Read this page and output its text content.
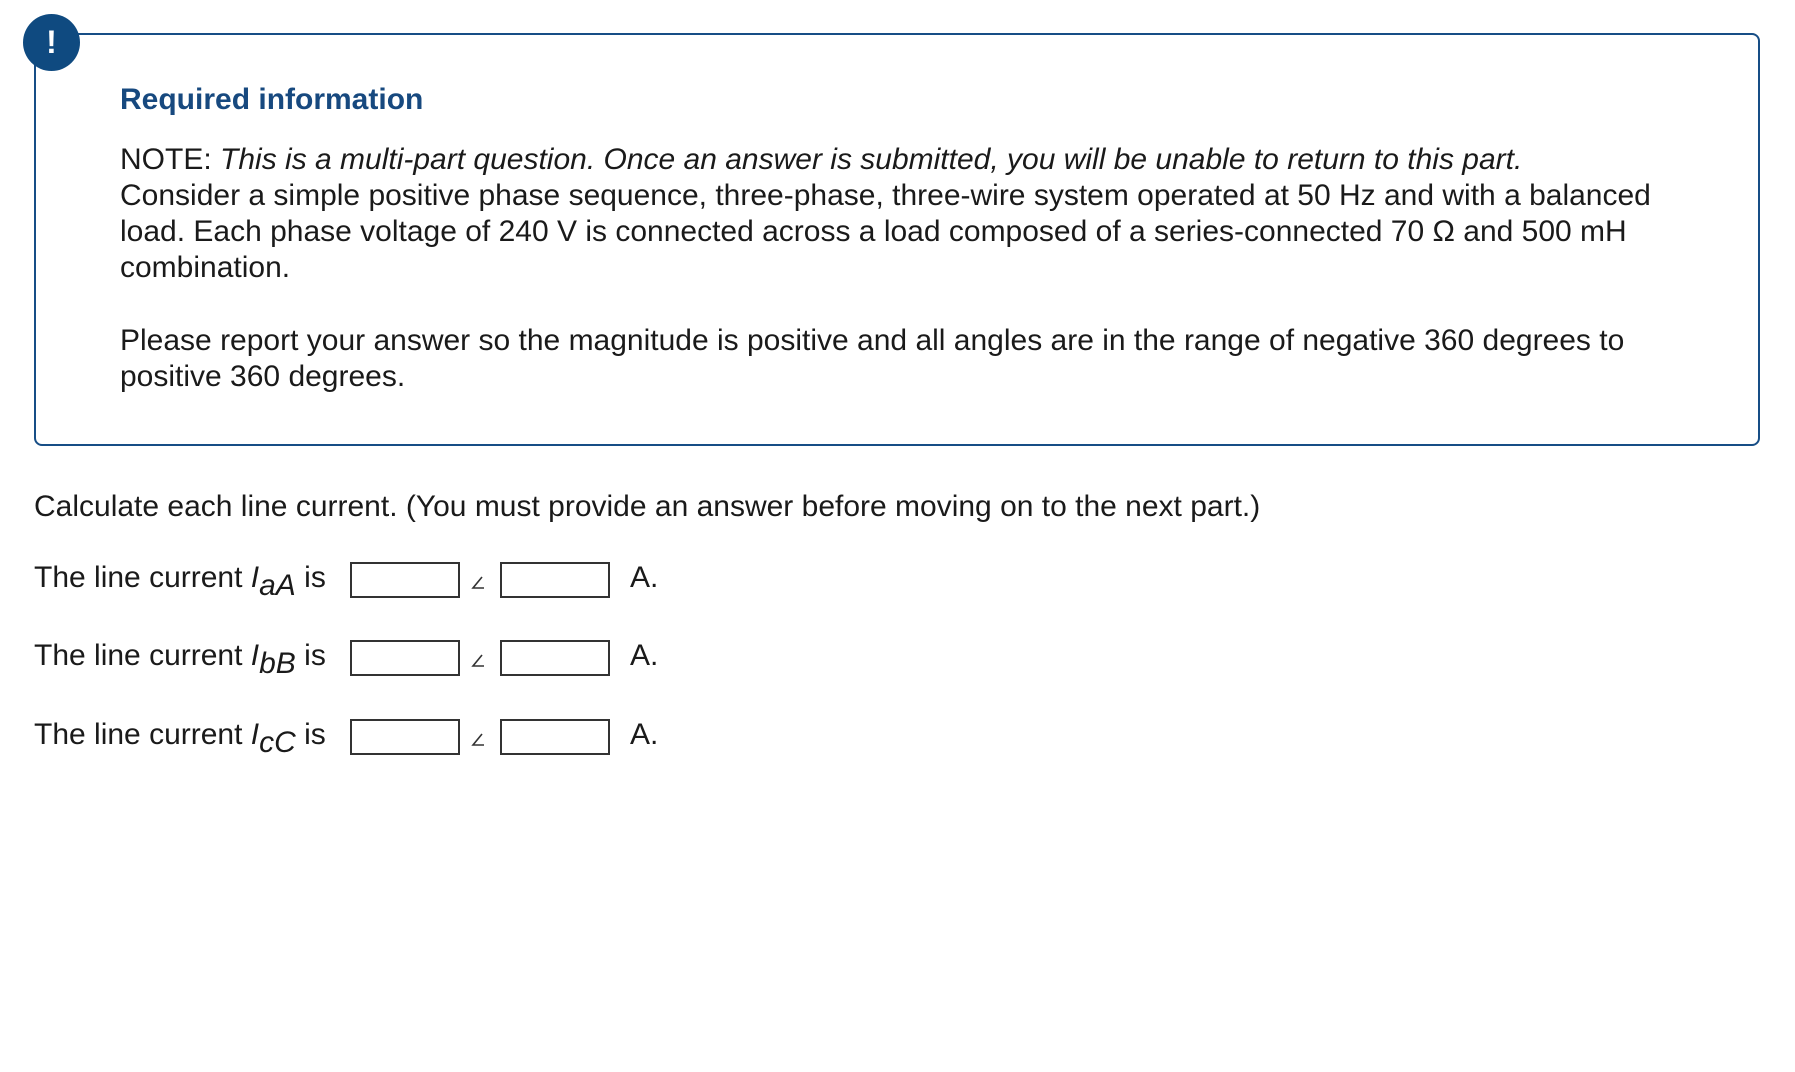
!
Required information

NOTE: This is a multi-part question. Once an answer is submitted, you will be unable to return to this part.
Consider a simple positive phase sequence, three-phase, three-wire system operated at 50 Hz and with a balanced load. Each phase voltage of 240 V is connected across a load composed of a series-connected 70 Ω and 500 mH combination.

Please report your answer so the magnitude is positive and all angles are in the range of negative 360 degrees to positive 360 degrees.

Calculate each line current. (You must provide an answer before moving on to the next part.)

The line current $I_{aA}$ is	A.
The line current $I_{bB}$ is	A.
The line current $I_{cC}$ is	A.
